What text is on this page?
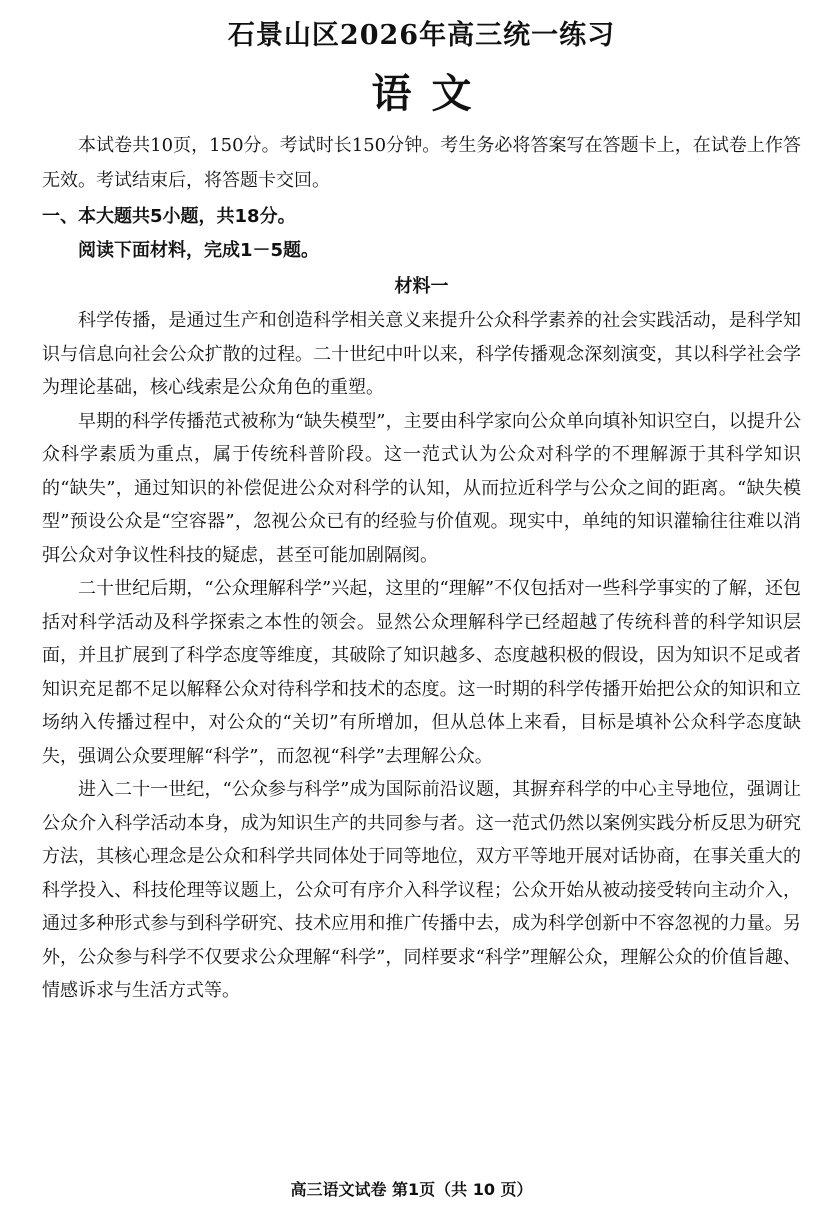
石景山区2026年高三统一练习
语文

本试卷共10页，150分。考试时长150分钟。考生务必将答案写在答题卡上，在试卷上作答无效。考试结束后，将答题卡交回。

一、本大题共5小题，共18分。

阅读下面材料，完成1－5题。

材料一

科学传播，是通过生产和创造科学相关意义来提升公众科学素养的社会实践活动，是科学知识与信息向社会公众扩散的过程。二十世纪中叶以来，科学传播观念深刻演变，其以科学社会学为理论基础，核心线索是公众角色的重塑。

早期的科学传播范式被称为“缺失模型”，主要由科学家向公众单向填补知识空白，以提升公众科学素质为重点，属于传统科普阶段。这一范式认为公众对科学的不理解源于其科学知识的“缺失”，通过知识的补偿促进公众对科学的认知，从而拉近科学与公众之间的距离。“缺失模型”预设公众是“空容器”，忽视公众已有的经验与价值观。现实中，单纯的知识灌输往往难以消弭公众对争议性科技的疑虑，甚至可能加剧隔阂。

二十世纪后期，“公众理解科学”兴起，这里的“理解”不仅包括对一些科学事实的了解，还包括对科学活动及科学探索之本性的领会。显然公众理解科学已经超越了传统科普的科学知识层面，并且扩展到了科学态度等维度，其破除了知识越多、态度越积极的假设，因为知识不足或者知识充足都不足以解释公众对待科学和技术的态度。这一时期的科学传播开始把公众的知识和立场纳入传播过程中，对公众的“关切”有所增加，但从总体上来看，目标是填补公众科学态度缺失，强调公众要理解“科学”，而忽视“科学”去理解公众。

进入二十一世纪，“公众参与科学”成为国际前沿议题，其摒弃科学的中心主导地位，强调让公众介入科学活动本身，成为知识生产的共同参与者。这一范式仍然以案例实践分析反思为研究方法，其核心理念是公众和科学共同体处于同等地位，双方平等地开展对话协商，在事关重大的科学投入、科技伦理等议题上，公众可有序介入科学议程；公众开始从被动接受转向主动介入，通过多种形式参与到科学研究、技术应用和推广传播中去，成为科学创新中不容忽视的力量。另外，公众参与科学不仅要求公众理解“科学”，同样要求“科学”理解公众，理解公众的价值旨趣、情感诉求与生活方式等。

高三语文试卷 第1页（共 10 页）
